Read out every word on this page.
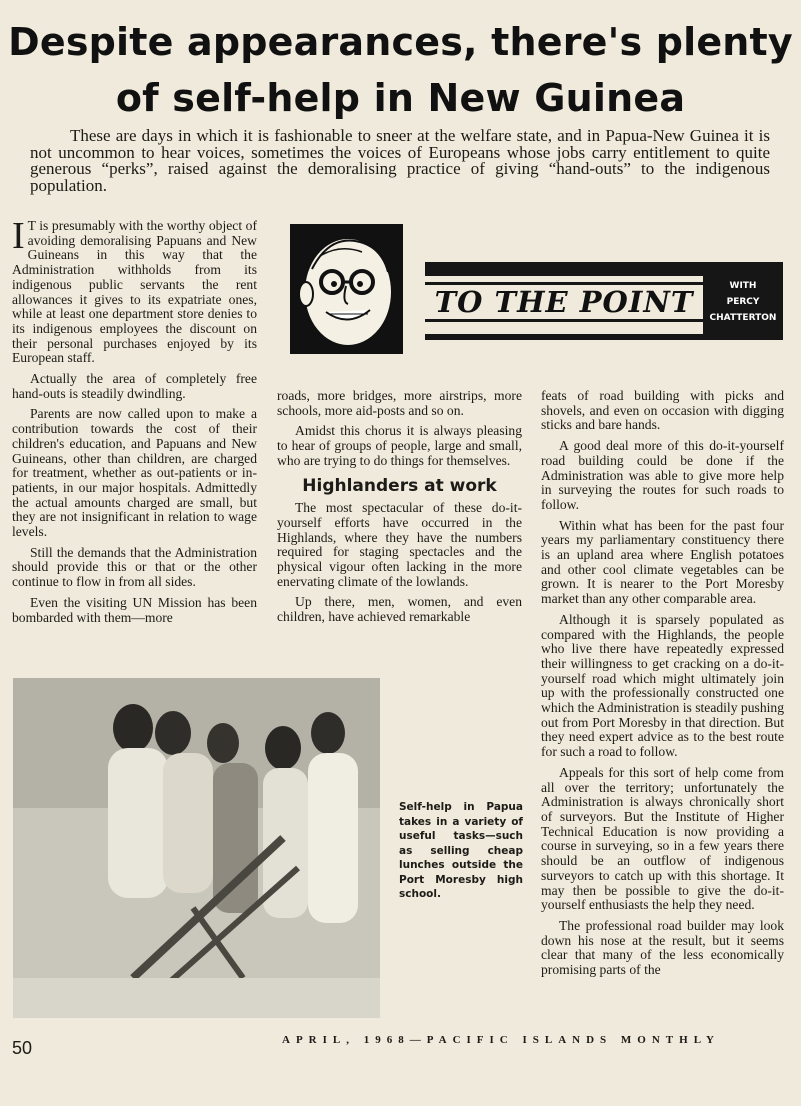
Despite appearances, there's plenty
of self-help in New Guinea
These are days in which it is fashionable to sneer at the welfare state, and in Papua-New Guinea it is not uncommon to hear voices, sometimes the voices of Europeans whose jobs carry entitlement to quite generous “perks”, raised against the demoralising practice of giving “hand-outs” to the indigenous population.

I T is presumably with the worthy object of avoiding demoralising Papuans and New Guineans in this way that the Administration withholds from its indigenous public servants the rent allowances it gives to its expatriate ones, while at least one department store denies to its indigenous employees the discount on their personal purchases enjoyed by its European staff.

Actually the area of completely free hand-outs is steadily dwindling.

Parents are now called upon to make a contribution towards the cost of their children's education, and Papuans and New Guineans, other than children, are charged for treatment, whether as out-patients or in-patients, in our major hospitals. Admittedly the actual amounts charged are small, but they are not insignificant in relation to wage levels.

Still the demands that the Administration should provide this or that or the other continue to flow in from all sides.

Even the visiting UN Mission has been bombarded with them—more

TO THE POINT	WITH
PERCY
CHATTERTON

roads, more bridges, more airstrips, more schools, more aid-posts and so on.

Amidst this chorus it is always pleasing to hear of groups of people, large and small, who are trying to do things for themselves.

Highlanders at work

The most spectacular of these do-it-yourself efforts have occurred in the Highlands, where they have the numbers required for staging spectacles and the physical vigour often lacking in the more enervating climate of the lowlands.

Up there, men, women, and even children, have achieved remarkable

feats of road building with picks and shovels, and even on occasion with digging sticks and bare hands.

A good deal more of this do-it-yourself road building could be done if the Administration was able to give more help in surveying the routes for such roads to follow.

Within what has been for the past four years my parliamentary constituency there is an upland area where English potatoes and other cool climate vegetables can be grown. It is nearer to the Port Moresby market than any other comparable area.

Although it is sparsely populated as compared with the Highlands, the people who live there have repeatedly expressed their willingness to get cracking on a do-it-yourself road which might ultimately join up with the professionally constructed one which the Administration is steadily pushing out from Port Moresby in that direction. But they need expert advice as to the best route for such a road to follow.

Appeals for this sort of help come from all over the territory; unfortunately the Administration is always chronically short of surveyors. But the Institute of Higher Technical Education is now providing a course in surveying, so in a few years there should be an outflow of indigenous surveyors to catch up with this shortage. It may then be possible to give the do-it-yourself enthusiasts the help they need.

The professional road builder may look down his nose at the result, but it seems clear that many of the less economically promising parts of the

Self-help in Papua takes in a variety of useful tasks—such as selling cheap lunches outside the Port Moresby high school.
50	APRIL, 1968—PACIFIC ISLANDS MONTHLY
